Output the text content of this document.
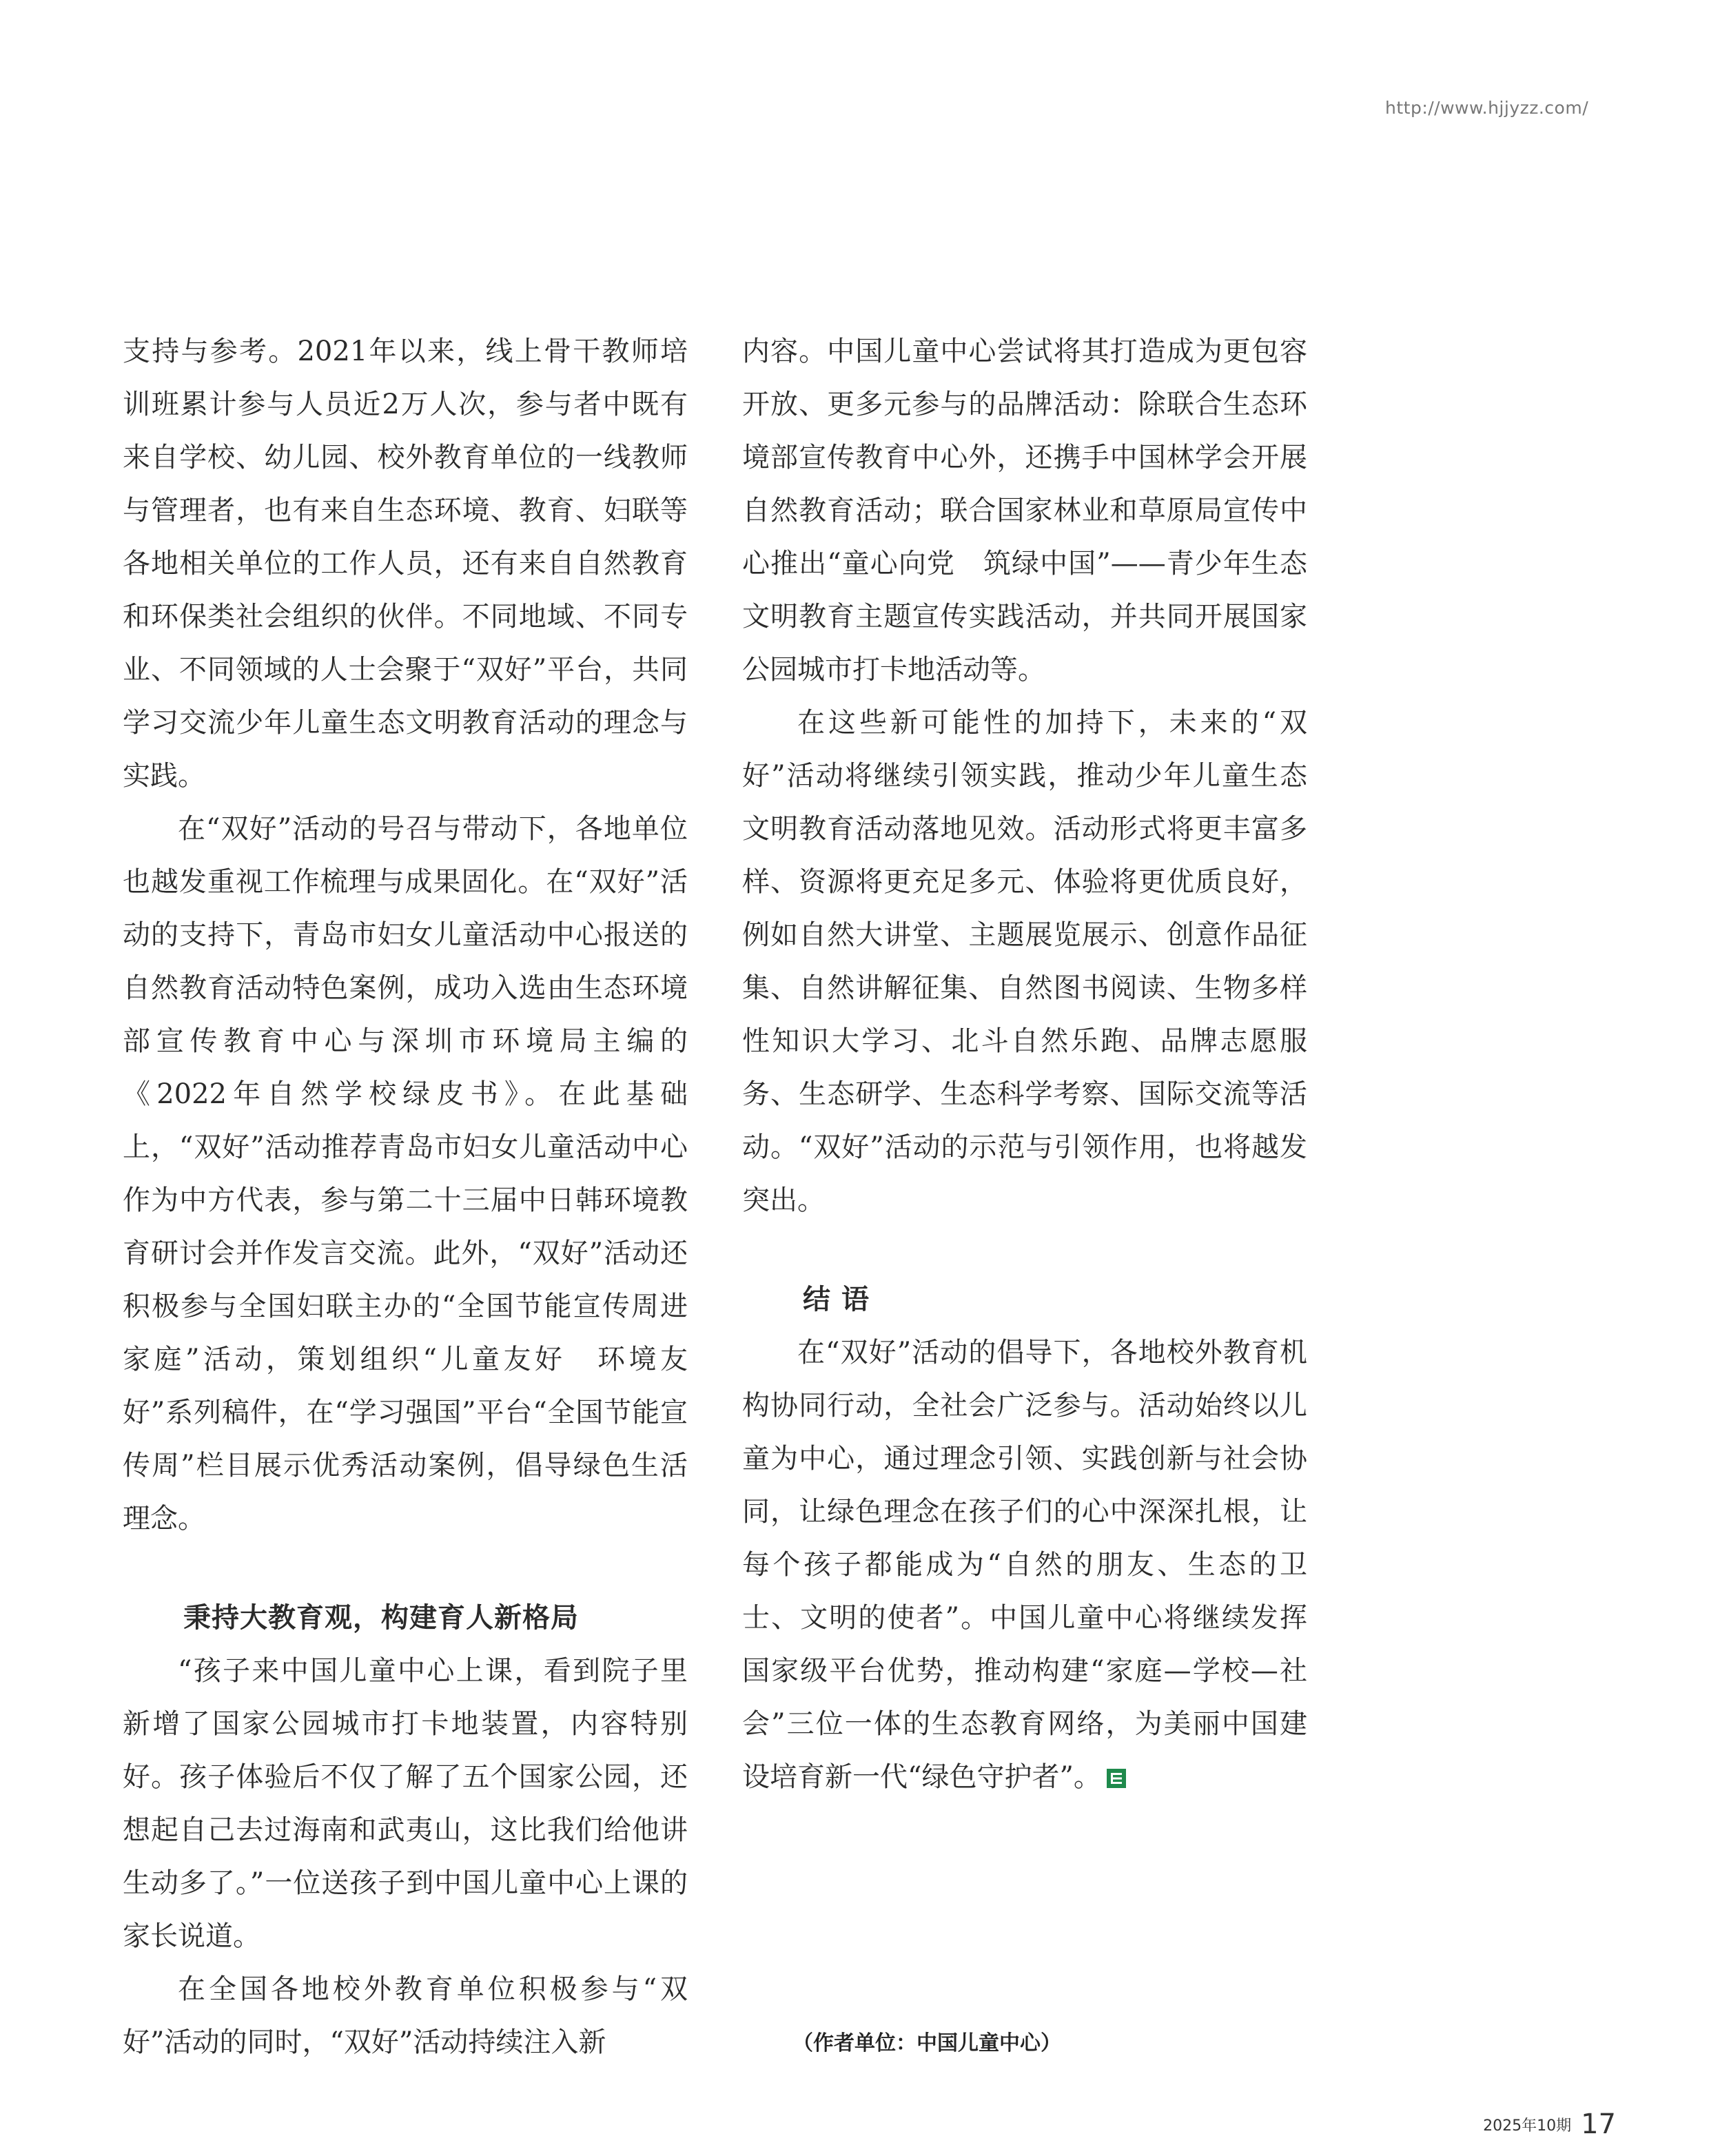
http://www.hjjyzz.com/

支持与参考。2021年以来，线上骨干教师培训班累计参与人员近2万人次，参与者中既有来自学校、幼儿园、校外教育单位的一线教师与管理者，也有来自生态环境、教育、妇联等各地相关单位的工作人员，还有来自自然教育和环保类社会组织的伙伴。不同地域、不同专业、不同领域的人士会聚于“双好”平台，共同学习交流少年儿童生态文明教育活动的理念与实践。

在“双好”活动的号召与带动下，各地单位也越发重视工作梳理与成果固化。在“双好”活动的支持下，青岛市妇女儿童活动中心报送的自然教育活动特色案例，成功入选由生态环境部宣传教育中心与深圳市环境局主编的《2022年自然学校绿皮书》。在此基础上，“双好”活动推荐青岛市妇女儿童活动中心作为中方代表，参与第二十三届中日韩环境教育研讨会并作发言交流。此外，“双好”活动还积极参与全国妇联主办的“全国节能宣传周进家庭”活动，策划组织“儿童友好　环境友好”系列稿件，在“学习强国”平台“全国节能宣传周”栏目展示优秀活动案例，倡导绿色生活理念。

秉持大教育观，构建育人新格局

“孩子来中国儿童中心上课，看到院子里新增了国家公园城市打卡地装置，内容特别好。孩子体验后不仅了解了五个国家公园，还想起自己去过海南和武夷山，这比我们给他讲生动多了。”一位送孩子到中国儿童中心上课的家长说道。

在全国各地校外教育单位积极参与“双好”活动的同时，“双好”活动持续注入新

内容。中国儿童中心尝试将其打造成为更包容开放、更多元参与的品牌活动：除联合生态环境部宣传教育中心外，还携手中国林学会开展自然教育活动；联合国家林业和草原局宣传中心推出“童心向党　筑绿中国”——青少年生态文明教育主题宣传实践活动，并共同开展国家公园城市打卡地活动等。

在这些新可能性的加持下，未来的“双好”活动将继续引领实践，推动少年儿童生态文明教育活动落地见效。活动形式将更丰富多样、资源将更充足多元、体验将更优质良好，例如自然大讲堂、主题展览展示、创意作品征集、自然讲解征集、自然图书阅读、生物多样性知识大学习、北斗自然乐跑、品牌志愿服务、生态研学、生态科学考察、国际交流等活动。“双好”活动的示范与引领作用，也将越发突出。

结语

在“双好”活动的倡导下，各地校外教育机构协同行动，全社会广泛参与。活动始终以儿童为中心，通过理念引领、实践创新与社会协同，让绿色理念在孩子们的心中深深扎根，让每个孩子都能成为“自然的朋友、生态的卫士、文明的使者”。中国儿童中心将继续发挥国家级平台优势，推动构建“家庭—学校—社会”三位一体的生态教育网络，为美丽中国建设培育新一代“绿色守护者”。

（作者单位：中国儿童中心）
2025年10期 17
